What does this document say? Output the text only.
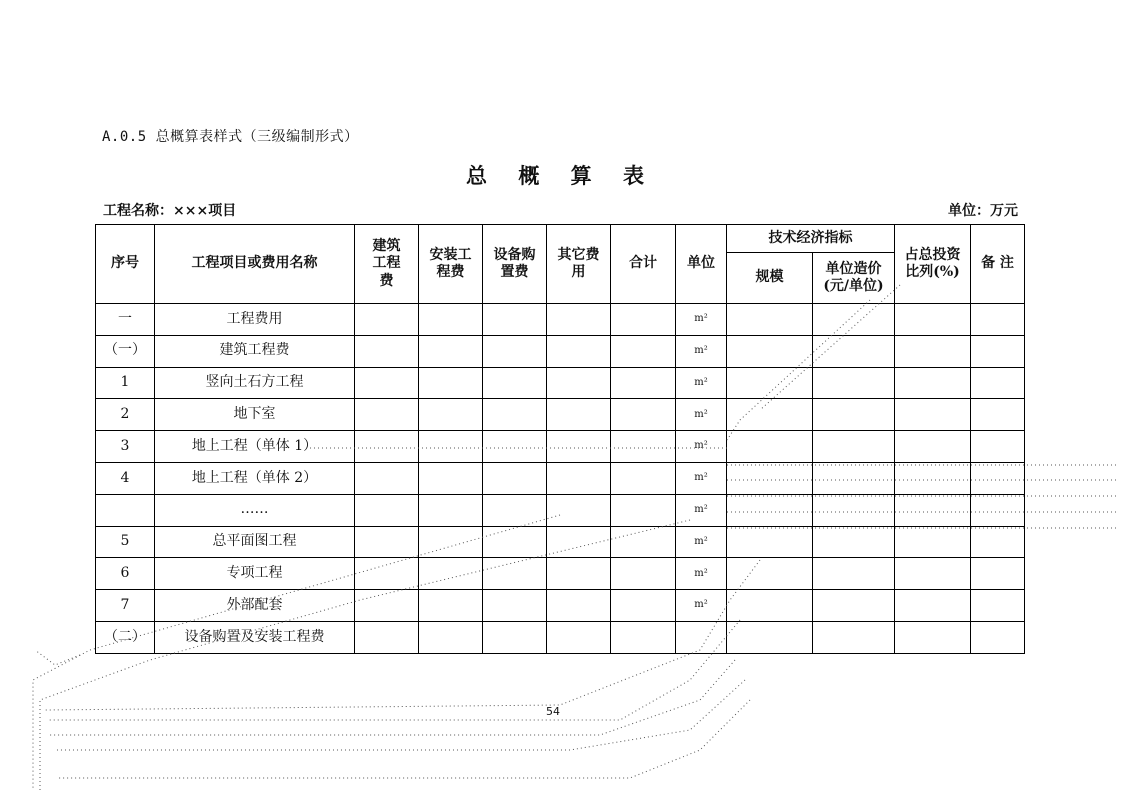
A.0.5 总概算表样式（三级编制形式）
总 概 算 表
工程名称：×××项目	单位：万元
序号	工程项目或费用名称	建筑工程费	安装工程费	设备购置费	其它费用	合计	单位	技术经济指标		占总投资比列(%)	备 注
								规模	单位造价(元/单位)		
一	工程费用						m²				
（一）	建筑工程费						m²				
1	竖向土石方工程						m²				
2	地下室						m²				
3	地上工程（单体 1）						m²				
4	地上工程（单体 2）						m²				
	……						m²				
5	总平面图工程						m²				
6	专项工程						m²				
7	外部配套						m²				
（二）	设备购置及安装工程费										
54
